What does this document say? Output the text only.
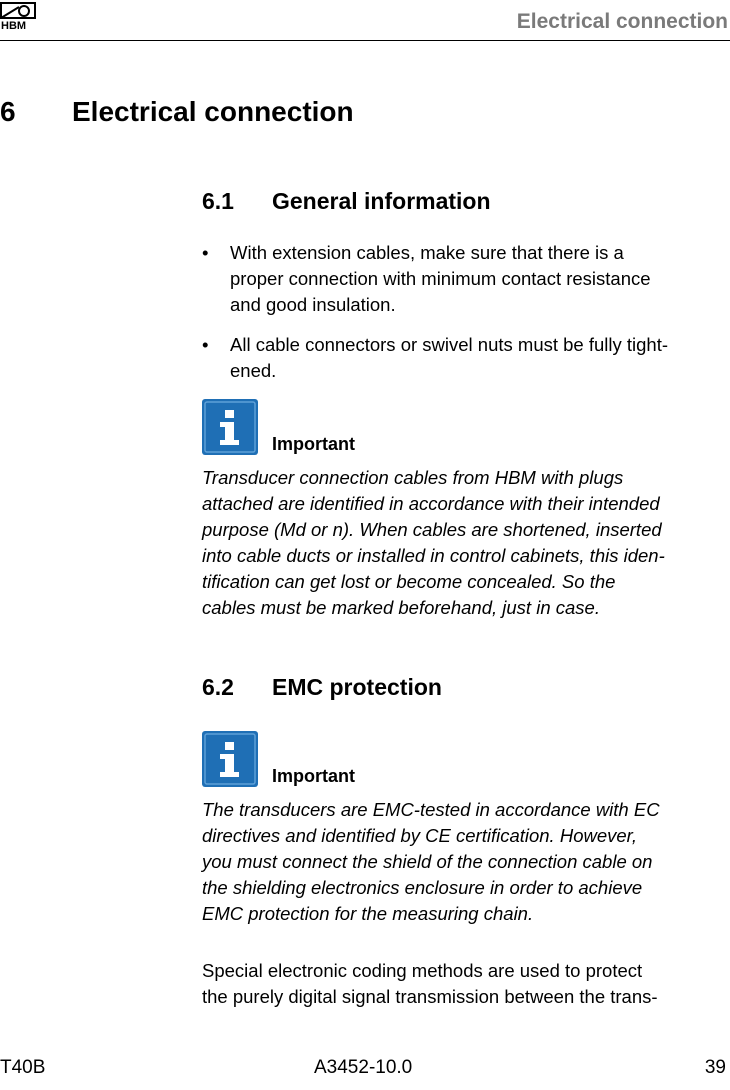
HBM	Electrical connection
6 Electrical connection
6.1 General information
• With extension cables, make sure that there is a
proper connection with minimum contact resistance
and good insulation.
• All cable connectors or swivel nuts must be fully tight-
ened.
Important

Transducer connection cables from HBM with plugs
attached are identified in accordance with their intended
purpose (Md or n). When cables are shortened, inserted
into cable ducts or installed in control cabinets, this iden-
tification can get lost or become concealed. So the
cables must be marked beforehand, just in case.

6.2 EMC protection
Important

The transducers are EMC-tested in accordance with EC
directives and identified by CE certification. However,
you must connect the shield of the connection cable on
the shielding electronics enclosure in order to achieve
EMC protection for the measuring chain.

Special electronic coding methods are used to protect
the purely digital signal transmission between the trans-

T40B	A3452-10.0	39
